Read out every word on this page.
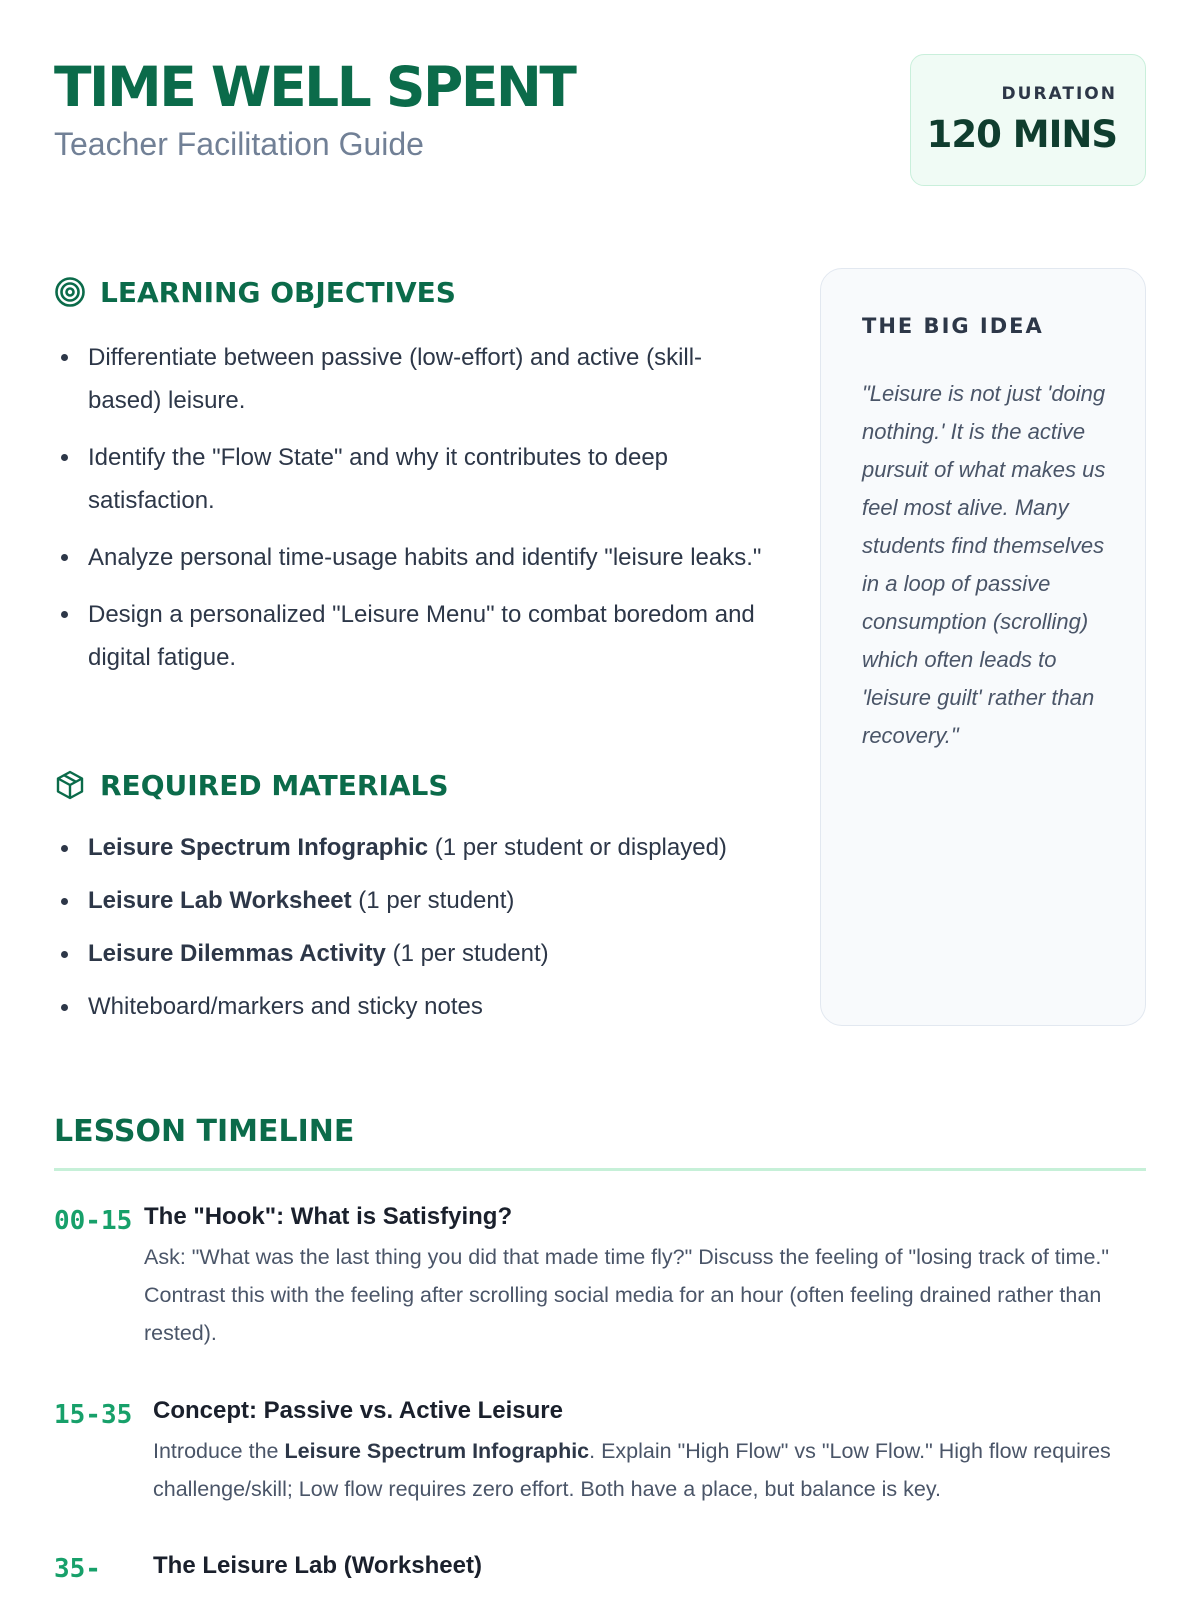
TIME WELL SPENT
Teacher Facilitation Guide
DURATION
120 MINS
LEARNING OBJECTIVES
Differentiate between passive (low-effort) and active (skill-based) leisure.
Identify the "Flow State" and why it contributes to deep satisfaction.
Analyze personal time-usage habits and identify "leisure leaks."
Design a personalized "Leisure Menu" to combat boredom and digital fatigue.
REQUIRED MATERIALS
Leisure Spectrum Infographic (1 per student or displayed)
Leisure Lab Worksheet (1 per student)
Leisure Dilemmas Activity (1 per student)
Whiteboard/markers and sticky notes
THE BIG IDEA
"Leisure is not just 'doing nothing.' It is the active pursuit of what makes us feel most alive. Many students find themselves in a loop of passive consumption (scrolling) which often leads to 'leisure guilt' rather than recovery."
LESSON TIMELINE
00-15 The "Hook": What is Satisfying?
Ask: "What was the last thing you did that made time fly?" Discuss the feeling of "losing track of time." Contrast this with the feeling after scrolling social media for an hour (often feeling drained rather than rested).
15-35 Concept: Passive vs. Active Leisure
Introduce the Leisure Spectrum Infographic. Explain "High Flow" vs "Low Flow." High flow requires challenge/skill; Low flow requires zero effort. Both have a place, but balance is key.
35-	The Leisure Lab (Worksheet)
